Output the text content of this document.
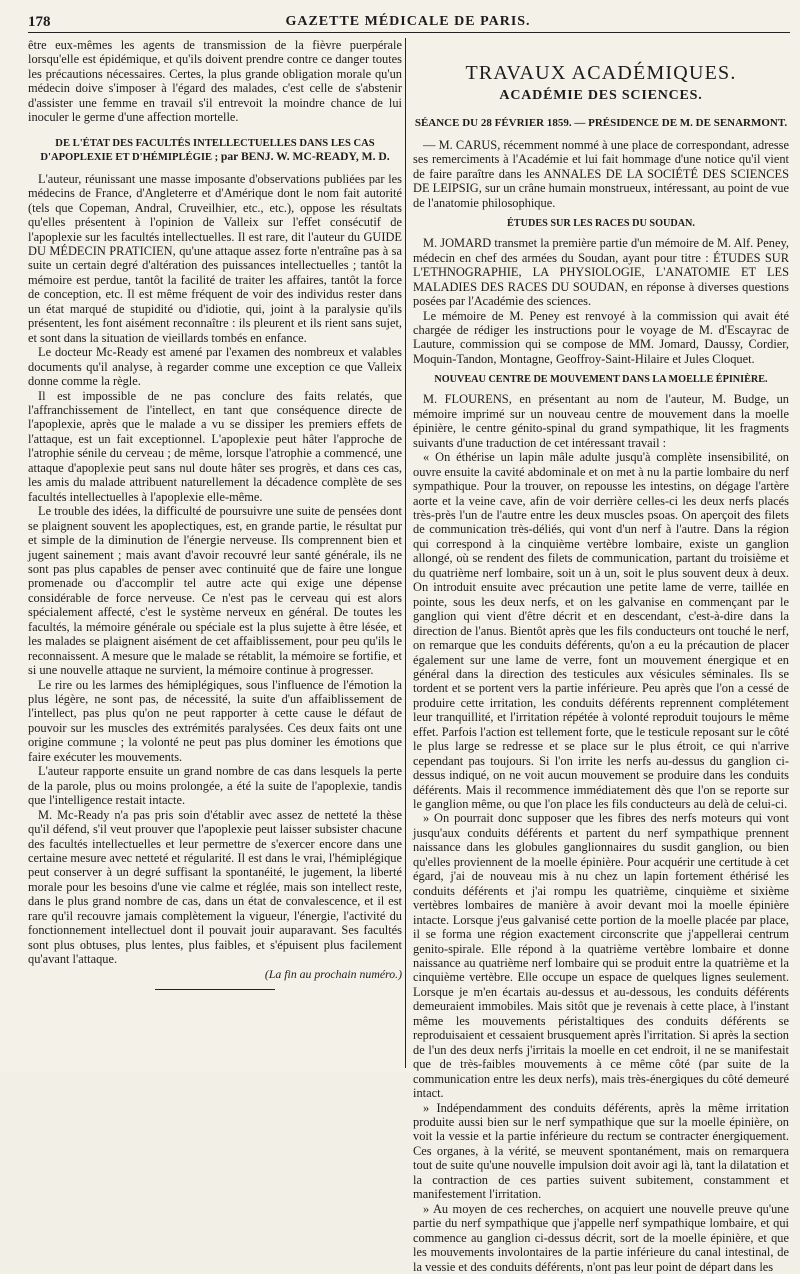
178	GAZETTE MÉDICALE DE PARIS.

être eux-mêmes les agents de transmission de la fièvre puerpérale lorsqu'elle est épidémique, et qu'ils doivent prendre contre ce danger toutes les précautions nécessaires. Certes, la plus grande obligation morale qu'un médecin doive s'imposer à l'égard des malades, c'est celle de s'abstenir d'assister une femme en travail s'il entrevoit la moindre chance de lui inoculer le germe d'une affection mortelle.

DE L'ÉTAT DES FACULTÉS INTELLECTUELLES DANS LES CAS D'APOPLEXIE ET D'HÉMIPLÉGIE ; par BENJ. W. MC-READY, M. D.

L'auteur, réunissant une masse imposante d'observations publiées par les médecins de France, d'Angleterre et d'Amérique dont le nom fait autorité (tels que Copeman, Andral, Cruveilhier, etc., etc.), oppose les résultats qu'elles présentent à l'opinion de Valleix sur l'effet consécutif de l'apoplexie sur les facultés intellectuelles. Il est rare, dit l'auteur du GUIDE DU MÉDECIN PRATICIEN, qu'une attaque assez forte n'entraîne pas à sa suite un certain degré d'altération des puissances intellectuelles ; tantôt la mémoire est perdue, tantôt la facilité de traiter les affaires, tantôt la force de conception, etc. Il est même fréquent de voir des individus rester dans un état marqué de stupidité ou d'idiotie, qui, joint à la paralysie qu'ils présentent, les font aisément reconnaître : ils pleurent et ils rient sans sujet, et sont dans la situation de vieillards tombés en enfance.

Le docteur Mc-Ready est amené par l'examen des nombreux et valables documents qu'il analyse, à regarder comme une exception ce que Valleix donne comme la règle.

Il est impossible de ne pas conclure des faits relatés, que l'affranchissement de l'intellect, en tant que conséquence directe de l'apoplexie, après que le malade a vu se dissiper les premiers effets de l'attaque, est un fait exceptionnel. L'apoplexie peut hâter l'approche de l'atrophie sénile du cerveau ; de même, lorsque l'atrophie a commencé, une attaque d'apoplexie peut sans nul doute hâter ses progrès, et dans ces cas, les amis du malade attribuent naturellement la décadence complète de ses facultés intellectuelles à l'apoplexie elle-même.

Le trouble des idées, la difficulté de poursuivre une suite de pensées dont se plaignent souvent les apoplectiques, est, en grande partie, le résultat pur et simple de la diminution de l'énergie nerveuse. Ils comprennent bien et jugent sainement ; mais avant d'avoir recouvré leur santé générale, ils ne sont pas plus capables de penser avec continuité que de faire une longue promenade ou d'accomplir tel autre acte qui exige une dépense considérable de force nerveuse. Ce n'est pas le cerveau qui est alors spécialement affecté, c'est le système nerveux en général. De toutes les facultés, la mémoire générale ou spéciale est la plus sujette à être lésée, et les malades se plaignent aisément de cet affaiblissement, pour peu qu'ils le reconnaissent. A mesure que le malade se rétablit, la mémoire se fortifie, et si une nouvelle attaque ne survient, la mémoire continue à progresser.

Le rire ou les larmes des hémiplégiques, sous l'influence de l'émotion la plus légère, ne sont pas, de nécessité, la suite d'un affaiblissement de l'intellect, pas plus qu'on ne peut rapporter à cette cause le défaut de pouvoir sur les muscles des extrémités paralysées. Ces deux faits ont une origine commune ; la volonté ne peut pas plus dominer les émotions que faire exécuter les mouvements.

L'auteur rapporte ensuite un grand nombre de cas dans lesquels la perte de la parole, plus ou moins prolongée, a été la suite de l'apoplexie, tandis que l'intelligence restait intacte.

M. Mc-Ready n'a pas pris soin d'établir avec assez de netteté la thèse qu'il défend, s'il veut prouver que l'apoplexie peut laisser subsister chacune des facultés intellectuelles et leur permettre de s'exercer encore dans une certaine mesure avec netteté et régularité. Il est dans le vrai, l'hémiplégique peut conserver à un degré suffisant la spontanéité, le jugement, la liberté morale pour les besoins d'une vie calme et réglée, mais son intellect reste, dans le plus grand nombre de cas, dans un état de convalescence, et il est rare qu'il recouvre jamais complètement la vigueur, l'énergie, l'activité du fonctionnement intellectuel dont il pouvait jouir auparavant. Ses facultés sont plus obtuses, plus lentes, plus faibles, et s'épuisent plus facilement qu'avant l'attaque.

(La fin au prochain numéro.)

TRAVAUX ACADÉMIQUES.
ACADÉMIE DES SCIENCES.
SÉANCE DU 28 FÉVRIER 1859. — PRÉSIDENCE DE M. DE SENARMONT.

— M. CARUS, récemment nommé à une place de correspondant, adresse ses remerciments à l'Académie et lui fait hommage d'une notice qu'il vient de faire paraître dans les ANNALES DE LA SOCIÉTÉ DES SCIENCES DE LEIPSIG, sur un crâne humain monstrueux, intéressant, au point de vue de l'anatomie philosophique.

ÉTUDES SUR LES RACES DU SOUDAN.

M. JOMARD transmet la première partie d'un mémoire de M. Alf. Peney, médecin en chef des armées du Soudan, ayant pour titre : ÉTUDES SUR L'ETHNOGRAPHIE, LA PHYSIOLOGIE, L'ANATOMIE ET LES MALADIES DES RACES DU SOUDAN, en réponse à diverses questions posées par l'Académie des sciences.

Le mémoire de M. Peney est renvoyé à la commission qui avait été chargée de rédiger les instructions pour le voyage de M. d'Escayrac de Lauture, commission qui se compose de MM. Jomard, Daussy, Cordier, Moquin-Tandon, Montagne, Geoffroy-Saint-Hilaire et Jules Cloquet.

NOUVEAU CENTRE DE MOUVEMENT DANS LA MOELLE ÉPINIÈRE.

M. FLOURENS, en présentant au nom de l'auteur, M. Budge, un mémoire imprimé sur un nouveau centre de mouvement dans la moelle épinière, le centre génito-spinal du grand sympathique, lit les fragments suivants d'une traduction de cet intéressant travail :

« On éthérise un lapin mâle adulte jusqu'à complète insensibilité, on ouvre ensuite la cavité abdominale et on met à nu la partie lombaire du nerf sympathique. Pour la trouver, on repousse les intestins, on dégage l'artère aorte et la veine cave, afin de voir derrière celles-ci les deux nerfs placés très-près l'un de l'autre entre les deux muscles psoas. On aperçoit des filets de communication très-déliés, qui vont d'un nerf à l'autre. Dans la région qui correspond à la cinquième vertèbre lombaire, existe un ganglion allongé, où se rendent des filets de communication, partant du troisième et du quatrième nerf lombaire, soit un à un, soit le plus souvent deux à deux. On introduit ensuite avec précaution une petite lame de verre, taillée en pointe, sous les deux nerfs, et on les galvanise en commençant par le ganglion qui vient d'être décrit et en descendant, c'est-à-dire dans la direction de l'anus. Bientôt après que les fils conducteurs ont touché le nerf, on remarque que les conduits déférents, qu'on a eu la précaution de placer également sur une lame de verre, font un mouvement énergique et en général dans la direction des testicules aux vésicules séminales. Ils se tordent et se portent vers la partie inférieure. Peu après que l'on a cessé de produire cette irritation, les conduits déférents reprennent complétement leur tranquillité, et l'irritation répétée à volonté reproduit toujours le même effet. Parfois l'action est tellement forte, que le testicule reposant sur le côté le plus large se redresse et se place sur le plus étroit, ce qui n'arrive cependant pas toujours. Si l'on irrite les nerfs au-dessus du ganglion ci-dessus indiqué, on ne voit aucun mouvement se produire dans les conduits déférents. Mais il recommence immédiatement dès que l'on se reporte sur le ganglion même, ou que l'on place les fils conducteurs au delà de celui-ci.

» On pourrait donc supposer que les fibres des nerfs moteurs qui vont jusqu'aux conduits déférents et partent du nerf sympathique prennent naissance dans les globules ganglionnaires du susdit ganglion, ou bien qu'elles proviennent de la moelle épinière. Pour acquérir une certitude à cet égard, j'ai de nouveau mis à nu chez un lapin fortement éthérisé les conduits déférents et j'ai rompu les quatrième, cinquième et sixième vertèbres lombaires de manière à avoir devant moi la moelle épinière intacte. Lorsque j'eus galvanisé cette portion de la moelle placée par place, il se forma une région exactement circonscrite que j'appellerai centrum genito-spirale. Elle répond à la quatrième vertèbre lombaire et donne naissance au quatrième nerf lombaire qui se produit entre la quatrième et la cinquième vertèbre. Elle occupe un espace de quelques lignes seulement. Lorsque je m'en écartais au-dessus et au-dessous, les conduits déférents demeuraient immobiles. Mais sitôt que je revenais à cette place, à l'instant même les mouvements péristaltiques des conduits déférents se reproduisaient et cessaient brusquement après l'irritation. Si après la section de l'un des deux nerfs j'irritais la moelle en cet endroit, il ne se manifestait que de très-faibles mouvements à ce même côté (par suite de la communication entre les deux nerfs), mais très-énergiques du côté demeuré intact.

» Indépendamment des conduits déférents, après la même irritation produite aussi bien sur le nerf sympathique que sur la moelle épinière, on voit la vessie et la partie inférieure du rectum se contracter énergiquement. Ces organes, à la vérité, se meuvent spontanément, mais on remarquera tout de suite qu'une nouvelle impulsion doit avoir agi là, tant la dilatation et la contraction de ces parties suivent subitement, constamment et manifestement l'irritation.

» Au moyen de ces recherches, on acquiert une nouvelle preuve qu'une partie du nerf sympathique que j'appelle nerf sympathique lombaire, et qui commence au ganglion ci-dessus décrit, sort de la moelle épinière, et que les mouvements involontaires de la partie inférieure du canal intestinal, de la vessie et des conduits déférents, n'ont pas leur point de départ dans les
